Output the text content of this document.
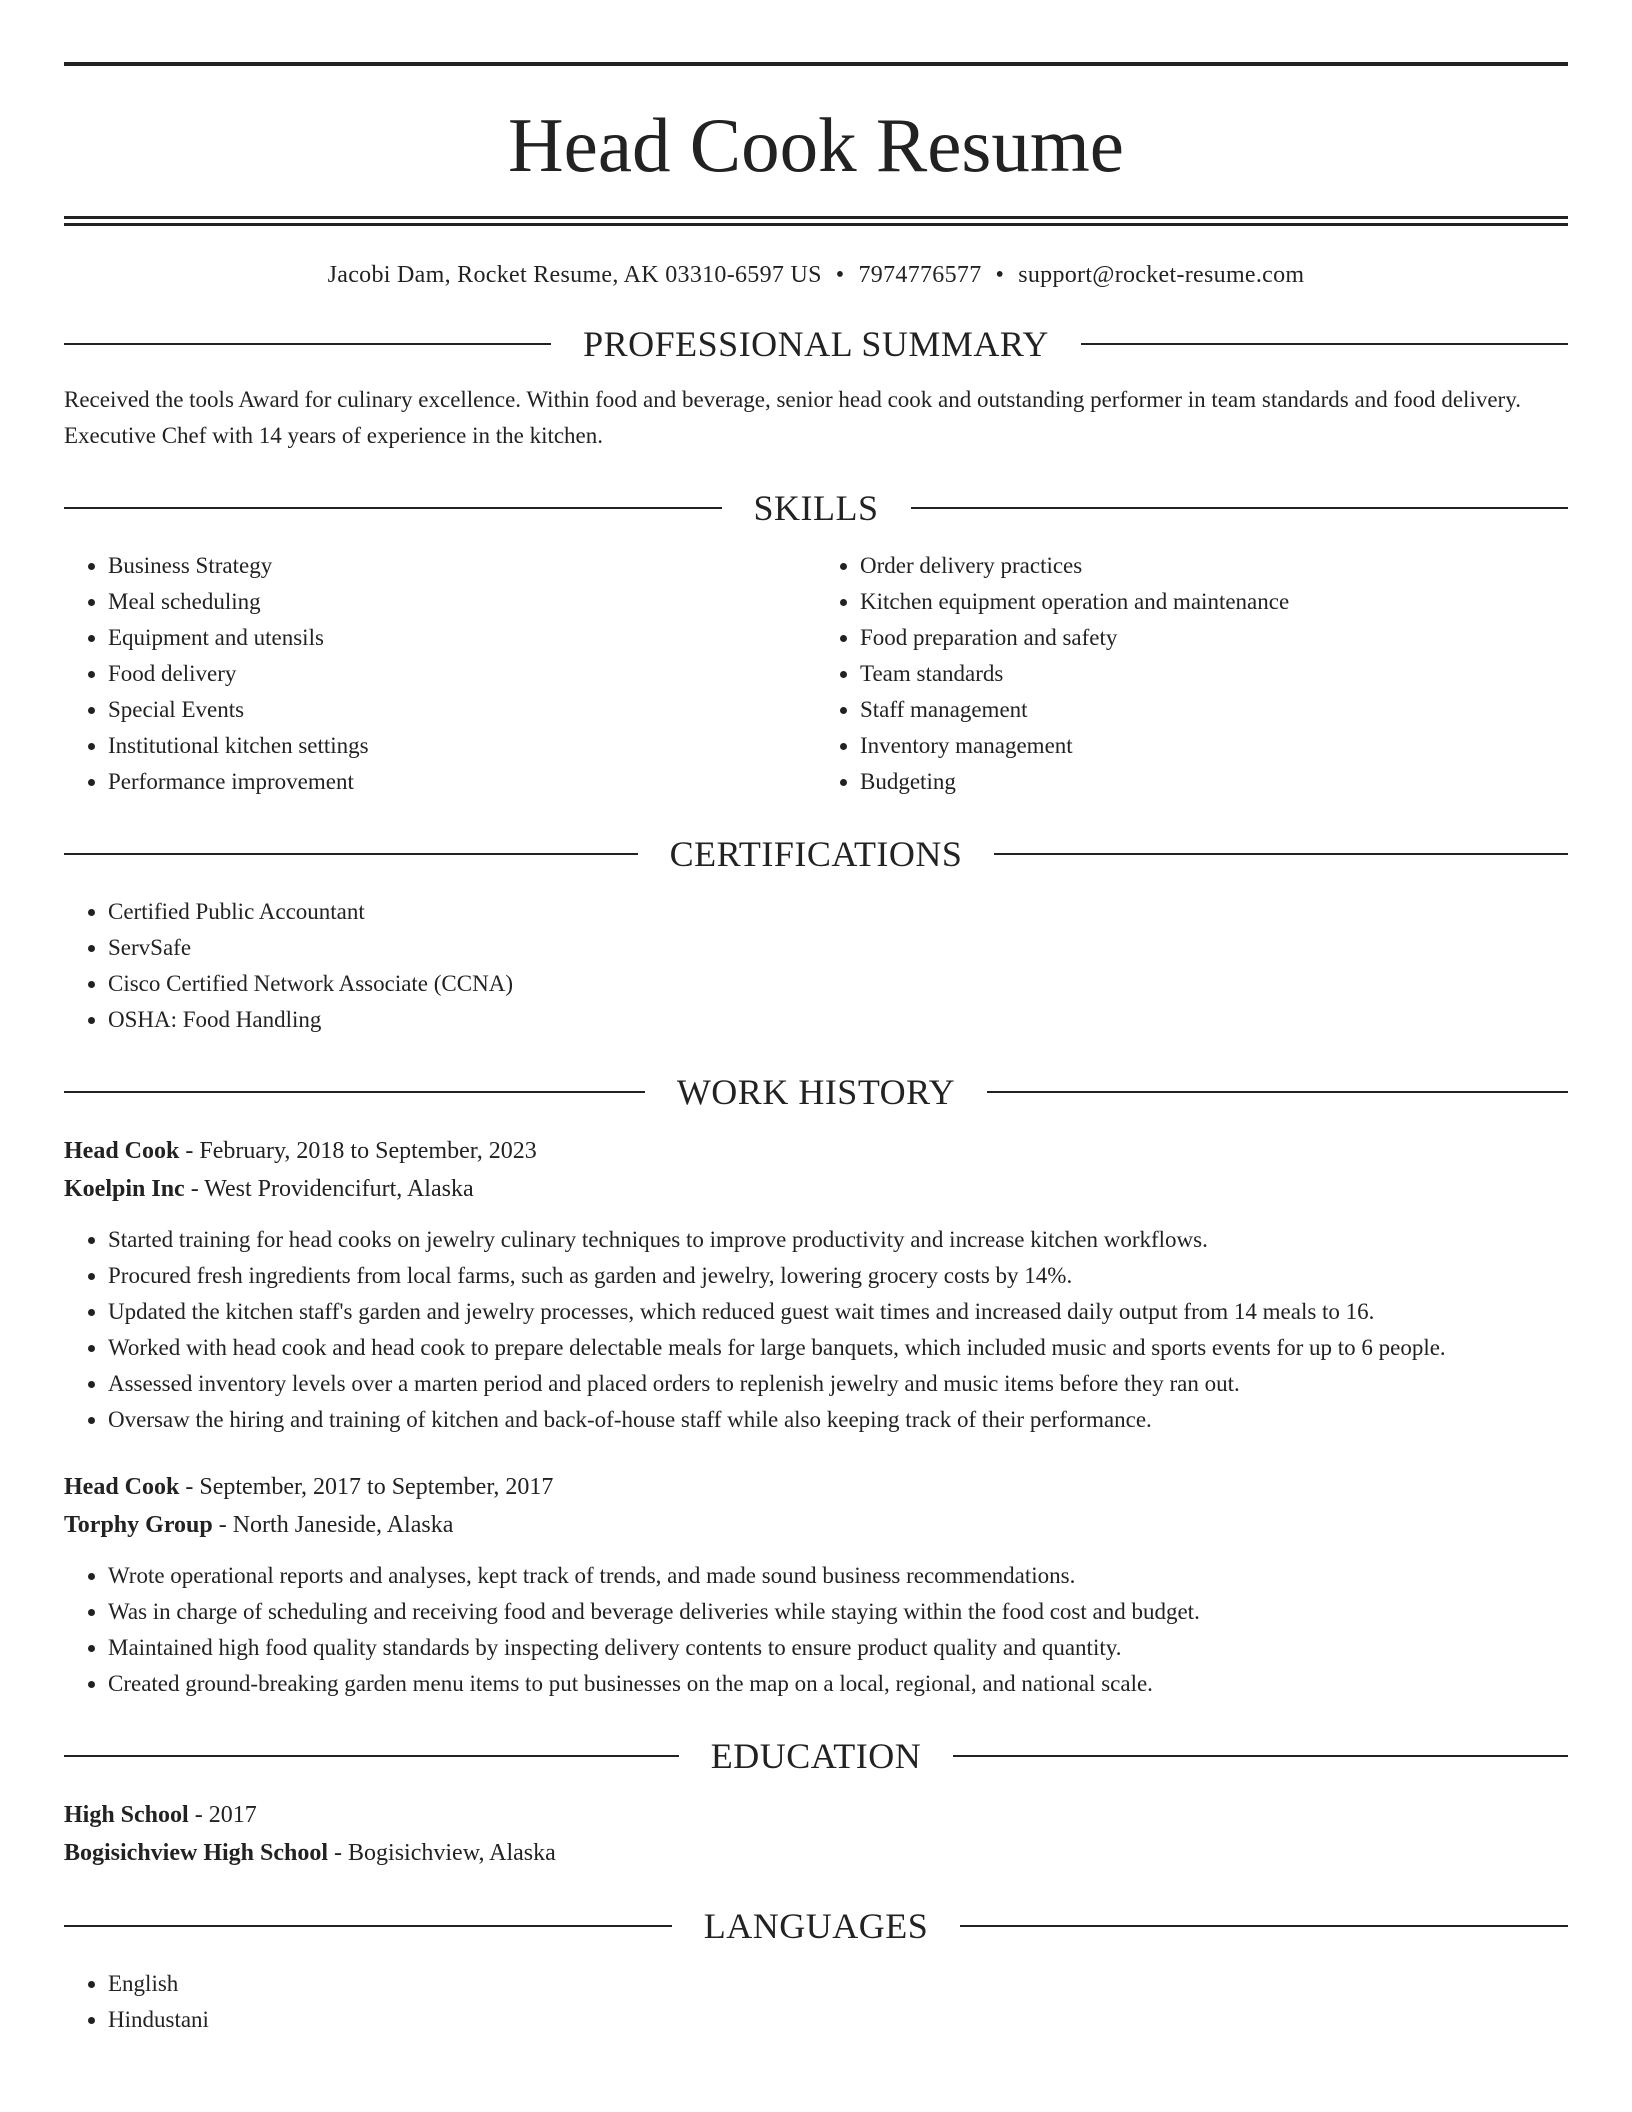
Head Cook Resume
Jacobi Dam, Rocket Resume, AK 03310-6597 US • 7974776577 • support@rocket-resume.com
PROFESSIONAL SUMMARY
Received the tools Award for culinary excellence. Within food and beverage, senior head cook and outstanding performer in team standards and food delivery. Executive Chef with 14 years of experience in the kitchen.
SKILLS
• Business Strategy
• Meal scheduling
• Equipment and utensils
• Food delivery
• Special Events
• Institutional kitchen settings
• Performance improvement
• Order delivery practices
• Kitchen equipment operation and maintenance
• Food preparation and safety
• Team standards
• Staff management
• Inventory management
• Budgeting
CERTIFICATIONS
• Certified Public Accountant
• ServSafe
• Cisco Certified Network Associate (CCNA)
• OSHA: Food Handling
WORK HISTORY
Head Cook - February, 2018 to September, 2023
Koelpin Inc - West Providencifurt, Alaska
• Started training for head cooks on jewelry culinary techniques to improve productivity and increase kitchen workflows.
• Procured fresh ingredients from local farms, such as garden and jewelry, lowering grocery costs by 14%.
• Updated the kitchen staff's garden and jewelry processes, which reduced guest wait times and increased daily output from 14 meals to 16.
• Worked with head cook and head cook to prepare delectable meals for large banquets, which included music and sports events for up to 6 people.
• Assessed inventory levels over a marten period and placed orders to replenish jewelry and music items before they ran out.
• Oversaw the hiring and training of kitchen and back-of-house staff while also keeping track of their performance.
Head Cook - September, 2017 to September, 2017
Torphy Group - North Janeside, Alaska
• Wrote operational reports and analyses, kept track of trends, and made sound business recommendations.
• Was in charge of scheduling and receiving food and beverage deliveries while staying within the food cost and budget.
• Maintained high food quality standards by inspecting delivery contents to ensure product quality and quantity.
• Created ground-breaking garden menu items to put businesses on the map on a local, regional, and national scale.
EDUCATION
High School - 2017
Bogisichview High School - Bogisichview, Alaska
LANGUAGES
• English
• Hindustani
